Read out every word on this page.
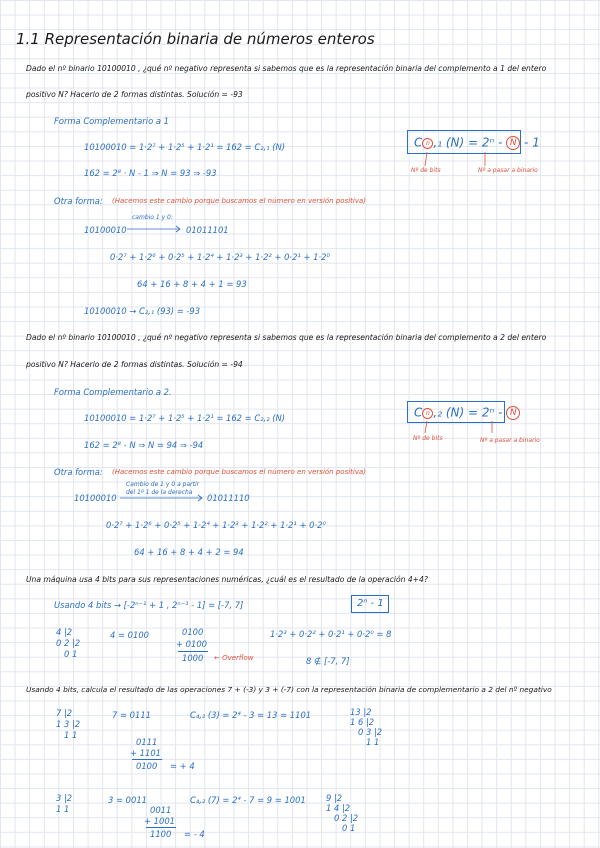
1.1 Representación binaria de números enteros
Dado el nº binario 10100010 , ¿qué nº negativo representa si sabemos que es la representación binaria del complemento a 1 del entero
positivo N? Hacerlo de 2 formas distintas. Solución = -93
Forma Complementario a 1
10100010 = 1·2⁷ + 1·2⁵ + 1·2¹ = 162 = C₂,₁ (N)
162 = 2⁸ · N - 1 ⇒ N = 93 ⇒ -93
C n ,₁ (N) = 2ⁿ - N - 1
Nº de bits	Nº a pasar a binario
Otra forma: (Hacemos este cambio porque buscamos el número en versión positiva)
10100010
cambio 1 y 0:
01011101
0·2⁷ + 1·2⁶ + 0·2⁵ + 1·2⁴ + 1·2³ + 1·2² + 0·2¹ + 1·2⁰
64 + 16 + 8 + 4 + 1 = 93
10100010 → C₂,₁ (93) = -93
Dado el nº binario 10100010 , ¿qué nº negativo representa si sabemos que es la representación binaria del complemento a 2 del entero
positivo N? Hacerlo de 2 formas distintas. Solución = -94
Forma Complementario a 2.
10100010 = 1·2⁷ + 1·2⁵ + 1·2¹ = 162 = C₂,₂ (N)
162 = 2⁸ - N ⇒ N = 94 ⇒ -94
C n ,₂ (N) = 2ⁿ - N
Nº de bits	Nº a pasar a binario
Otra forma: (Hacemos este cambio porque buscamos el número en versión positiva)
10100010
Cambio de 1 y 0 a partir
del 1º 1 de la derecha
01011110
0·2⁷ + 1·2⁶ + 0·2⁵ + 1·2⁴ + 1·2³ + 1·2² + 1·2¹ + 0·2⁰
64 + 16 + 8 + 4 + 2 = 94
Una máquina usa 4 bits para sus representaciones numéricas, ¿cuál es el resultado de la operación 4+4?
Usando 4 bits → [-2ⁿ⁻¹ + 1 , 2ⁿ⁻¹ - 1] = [-7, 7]	2ⁿ - 1
4 |2
0 2 |2
0 1
4 = 0100	0100
+ 0100
1000 ← Overflow
1·2³ + 0·2² + 0·2¹ + 0·2⁰ = 8
8 ∉ [-7, 7]
Usando 4 bits, calcula el resultado de las operaciones 7 + (-3) y 3 + (-7) con la representación binaria de complementario a 2 del nº negativo
7 |2
1 3 |2
1 1
7 = 0111	C₄,₂ (3) = 2⁴ - 3 = 13 = 1101
0111
+ 1101
0100 = + 4
13 |2
1 6 |2
0 3 |2
1 1
3 |2
1 1
3 = 0011	C₄,₂ (7) = 2⁴ - 7 = 9 = 1001
0011
+ 1001
1100 = - 4
9 |2
1 4 |2
0 2 |2
0 1
